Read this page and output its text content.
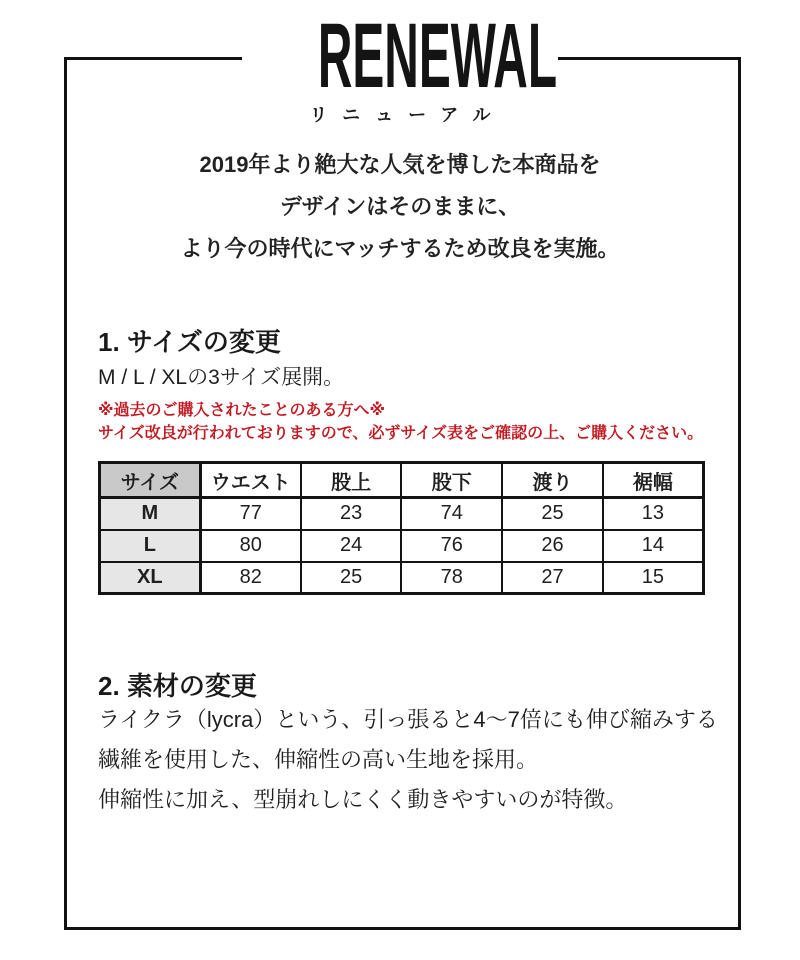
RENEWAL
リニューアル
2019年より絶大な人気を博した本商品を
デザインはそのままに、
より今の時代にマッチするため改良を実施。
1. サイズの変更
M / L / XLの3サイズ展開。
※過去のご購入されたことのある方へ※
サイズ改良が行われておりますので、必ずサイズ表をご確認の上、ご購入ください。
サイズ	ウエスト	股上	股下	渡り	裾幅
M	77	23	74	25	13
L	80	24	76	26	14
XL	82	25	78	27	15
2. 素材の変更
ライクラ（lycra）という、引っ張ると4〜7倍にも伸び縮みする
繊維を使用した、伸縮性の高い生地を採用。
伸縮性に加え、型崩れしにくく動きやすいのが特徴。
